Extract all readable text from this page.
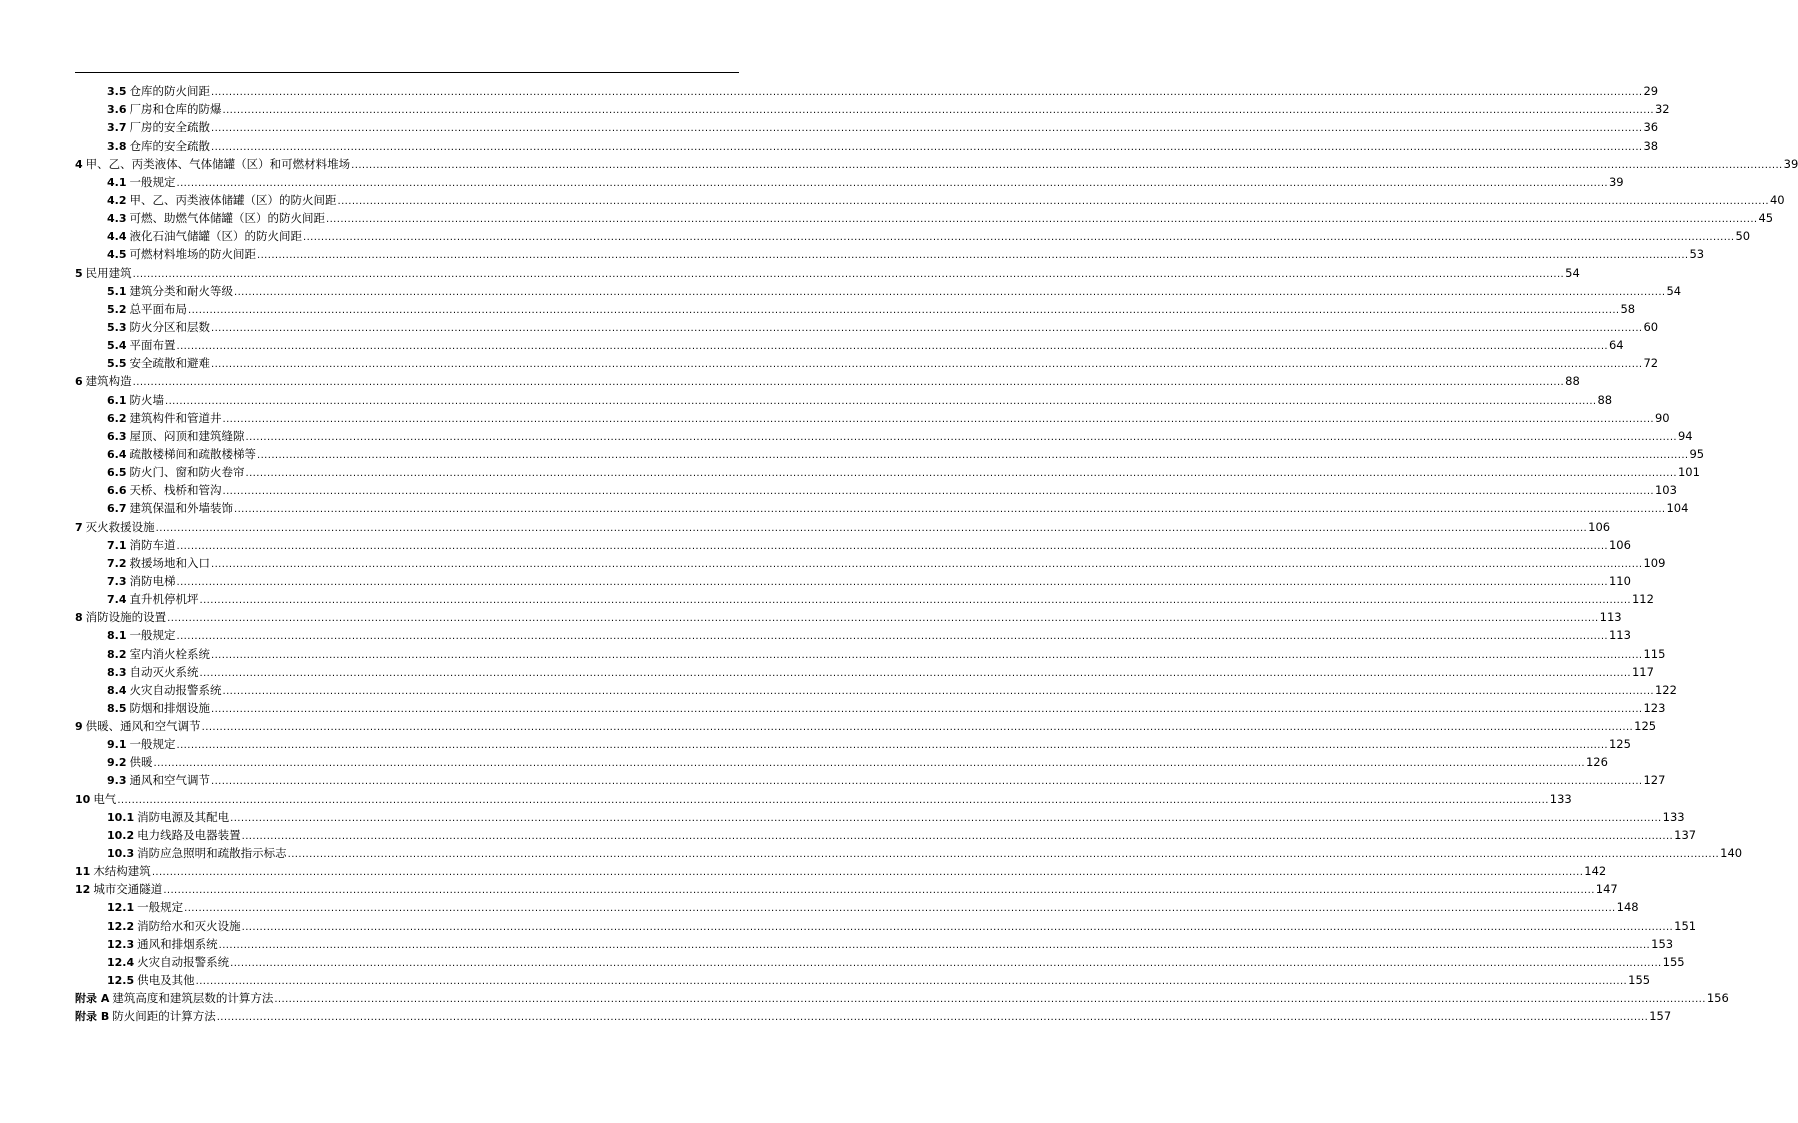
3.5 仓库的防火间距 ................................................................................................................................................................................................................................................................................................................................................................................................................ 29
3.6 厂房和仓库的防爆 ................................................................................................................................................................................................................................................................................................................................................................................................................ 32
3.7 厂房的安全疏散 ................................................................................................................................................................................................................................................................................................................................................................................................................ 36
3.8 仓库的安全疏散 ................................................................................................................................................................................................................................................................................................................................................................................................................ 38
4 甲、乙、丙类液体、气体储罐（区）和可燃材料堆场 ................................................................................................................................................................................................................................................................................................................................................................................................................ 39
4.1 一般规定 ................................................................................................................................................................................................................................................................................................................................................................................................................ 39
4.2 甲、乙、丙类液体储罐（区）的防火间距 ................................................................................................................................................................................................................................................................................................................................................................................................................ 40
4.3 可燃、助燃气体储罐（区）的防火间距 ................................................................................................................................................................................................................................................................................................................................................................................................................ 45
4.4 液化石油气储罐（区）的防火间距 ................................................................................................................................................................................................................................................................................................................................................................................................................ 50
4.5 可燃材料堆场的防火间距 ................................................................................................................................................................................................................................................................................................................................................................................................................ 53
5 民用建筑 ................................................................................................................................................................................................................................................................................................................................................................................................................ 54
5.1 建筑分类和耐火等级 ................................................................................................................................................................................................................................................................................................................................................................................................................ 54
5.2 总平面布局 ................................................................................................................................................................................................................................................................................................................................................................................................................ 58
5.3 防火分区和层数 ................................................................................................................................................................................................................................................................................................................................................................................................................ 60
5.4 平面布置 ................................................................................................................................................................................................................................................................................................................................................................................................................ 64
5.5 安全疏散和避难 ................................................................................................................................................................................................................................................................................................................................................................................................................ 72
6 建筑构造 ................................................................................................................................................................................................................................................................................................................................................................................................................ 88
6.1 防火墙 ................................................................................................................................................................................................................................................................................................................................................................................................................ 88
6.2 建筑构件和管道井 ................................................................................................................................................................................................................................................................................................................................................................................................................ 90
6.3 屋顶、闷顶和建筑缝隙 ................................................................................................................................................................................................................................................................................................................................................................................................................ 94
6.4 疏散楼梯间和疏散楼梯等 ................................................................................................................................................................................................................................................................................................................................................................................................................ 95
6.5 防火门、窗和防火卷帘 ................................................................................................................................................................................................................................................................................................................................................................................................................ 101
6.6 天桥、栈桥和管沟 ................................................................................................................................................................................................................................................................................................................................................................................................................ 103
6.7 建筑保温和外墙装饰 ................................................................................................................................................................................................................................................................................................................................................................................................................ 104
7 灭火救援设施 ................................................................................................................................................................................................................................................................................................................................................................................................................ 106
7.1 消防车道 ................................................................................................................................................................................................................................................................................................................................................................................................................ 106
7.2 救援场地和入口 ................................................................................................................................................................................................................................................................................................................................................................................................................ 109
7.3 消防电梯 ................................................................................................................................................................................................................................................................................................................................................................................................................ 110
7.4 直升机停机坪 ................................................................................................................................................................................................................................................................................................................................................................................................................ 112
8 消防设施的设置 ................................................................................................................................................................................................................................................................................................................................................................................................................ 113
8.1 一般规定 ................................................................................................................................................................................................................................................................................................................................................................................................................ 113
8.2 室内消火栓系统 ................................................................................................................................................................................................................................................................................................................................................................................................................ 115
8.3 自动灭火系统 ................................................................................................................................................................................................................................................................................................................................................................................................................ 117
8.4 火灾自动报警系统 ................................................................................................................................................................................................................................................................................................................................................................................................................ 122
8.5 防烟和排烟设施 ................................................................................................................................................................................................................................................................................................................................................................................................................ 123
9 供暖、通风和空气调节 ................................................................................................................................................................................................................................................................................................................................................................................................................ 125
9.1 一般规定 ................................................................................................................................................................................................................................................................................................................................................................................................................ 125
9.2 供暖 ................................................................................................................................................................................................................................................................................................................................................................................................................ 126
9.3 通风和空气调节 ................................................................................................................................................................................................................................................................................................................................................................................................................ 127
10 电气 ................................................................................................................................................................................................................................................................................................................................................................................................................ 133
10.1 消防电源及其配电 ................................................................................................................................................................................................................................................................................................................................................................................................................ 133
10.2 电力线路及电器装置 ................................................................................................................................................................................................................................................................................................................................................................................................................ 137
10.3 消防应急照明和疏散指示标志 ................................................................................................................................................................................................................................................................................................................................................................................................................ 140
11 木结构建筑 ................................................................................................................................................................................................................................................................................................................................................................................................................ 142
12 城市交通隧道 ................................................................................................................................................................................................................................................................................................................................................................................................................ 147
12.1 一般规定 ................................................................................................................................................................................................................................................................................................................................................................................................................ 148
12.2 消防给水和灭火设施 ................................................................................................................................................................................................................................................................................................................................................................................................................ 151
12.3 通风和排烟系统 ................................................................................................................................................................................................................................................................................................................................................................................................................ 153
12.4 火灾自动报警系统 ................................................................................................................................................................................................................................................................................................................................................................................................................ 155
12.5 供电及其他 ................................................................................................................................................................................................................................................................................................................................................................................................................ 155
附录 A 建筑高度和建筑层数的计算方法 ................................................................................................................................................................................................................................................................................................................................................................................................................ 156
附录 B 防火间距的计算方法 ................................................................................................................................................................................................................................................................................................................................................................................................................ 157
